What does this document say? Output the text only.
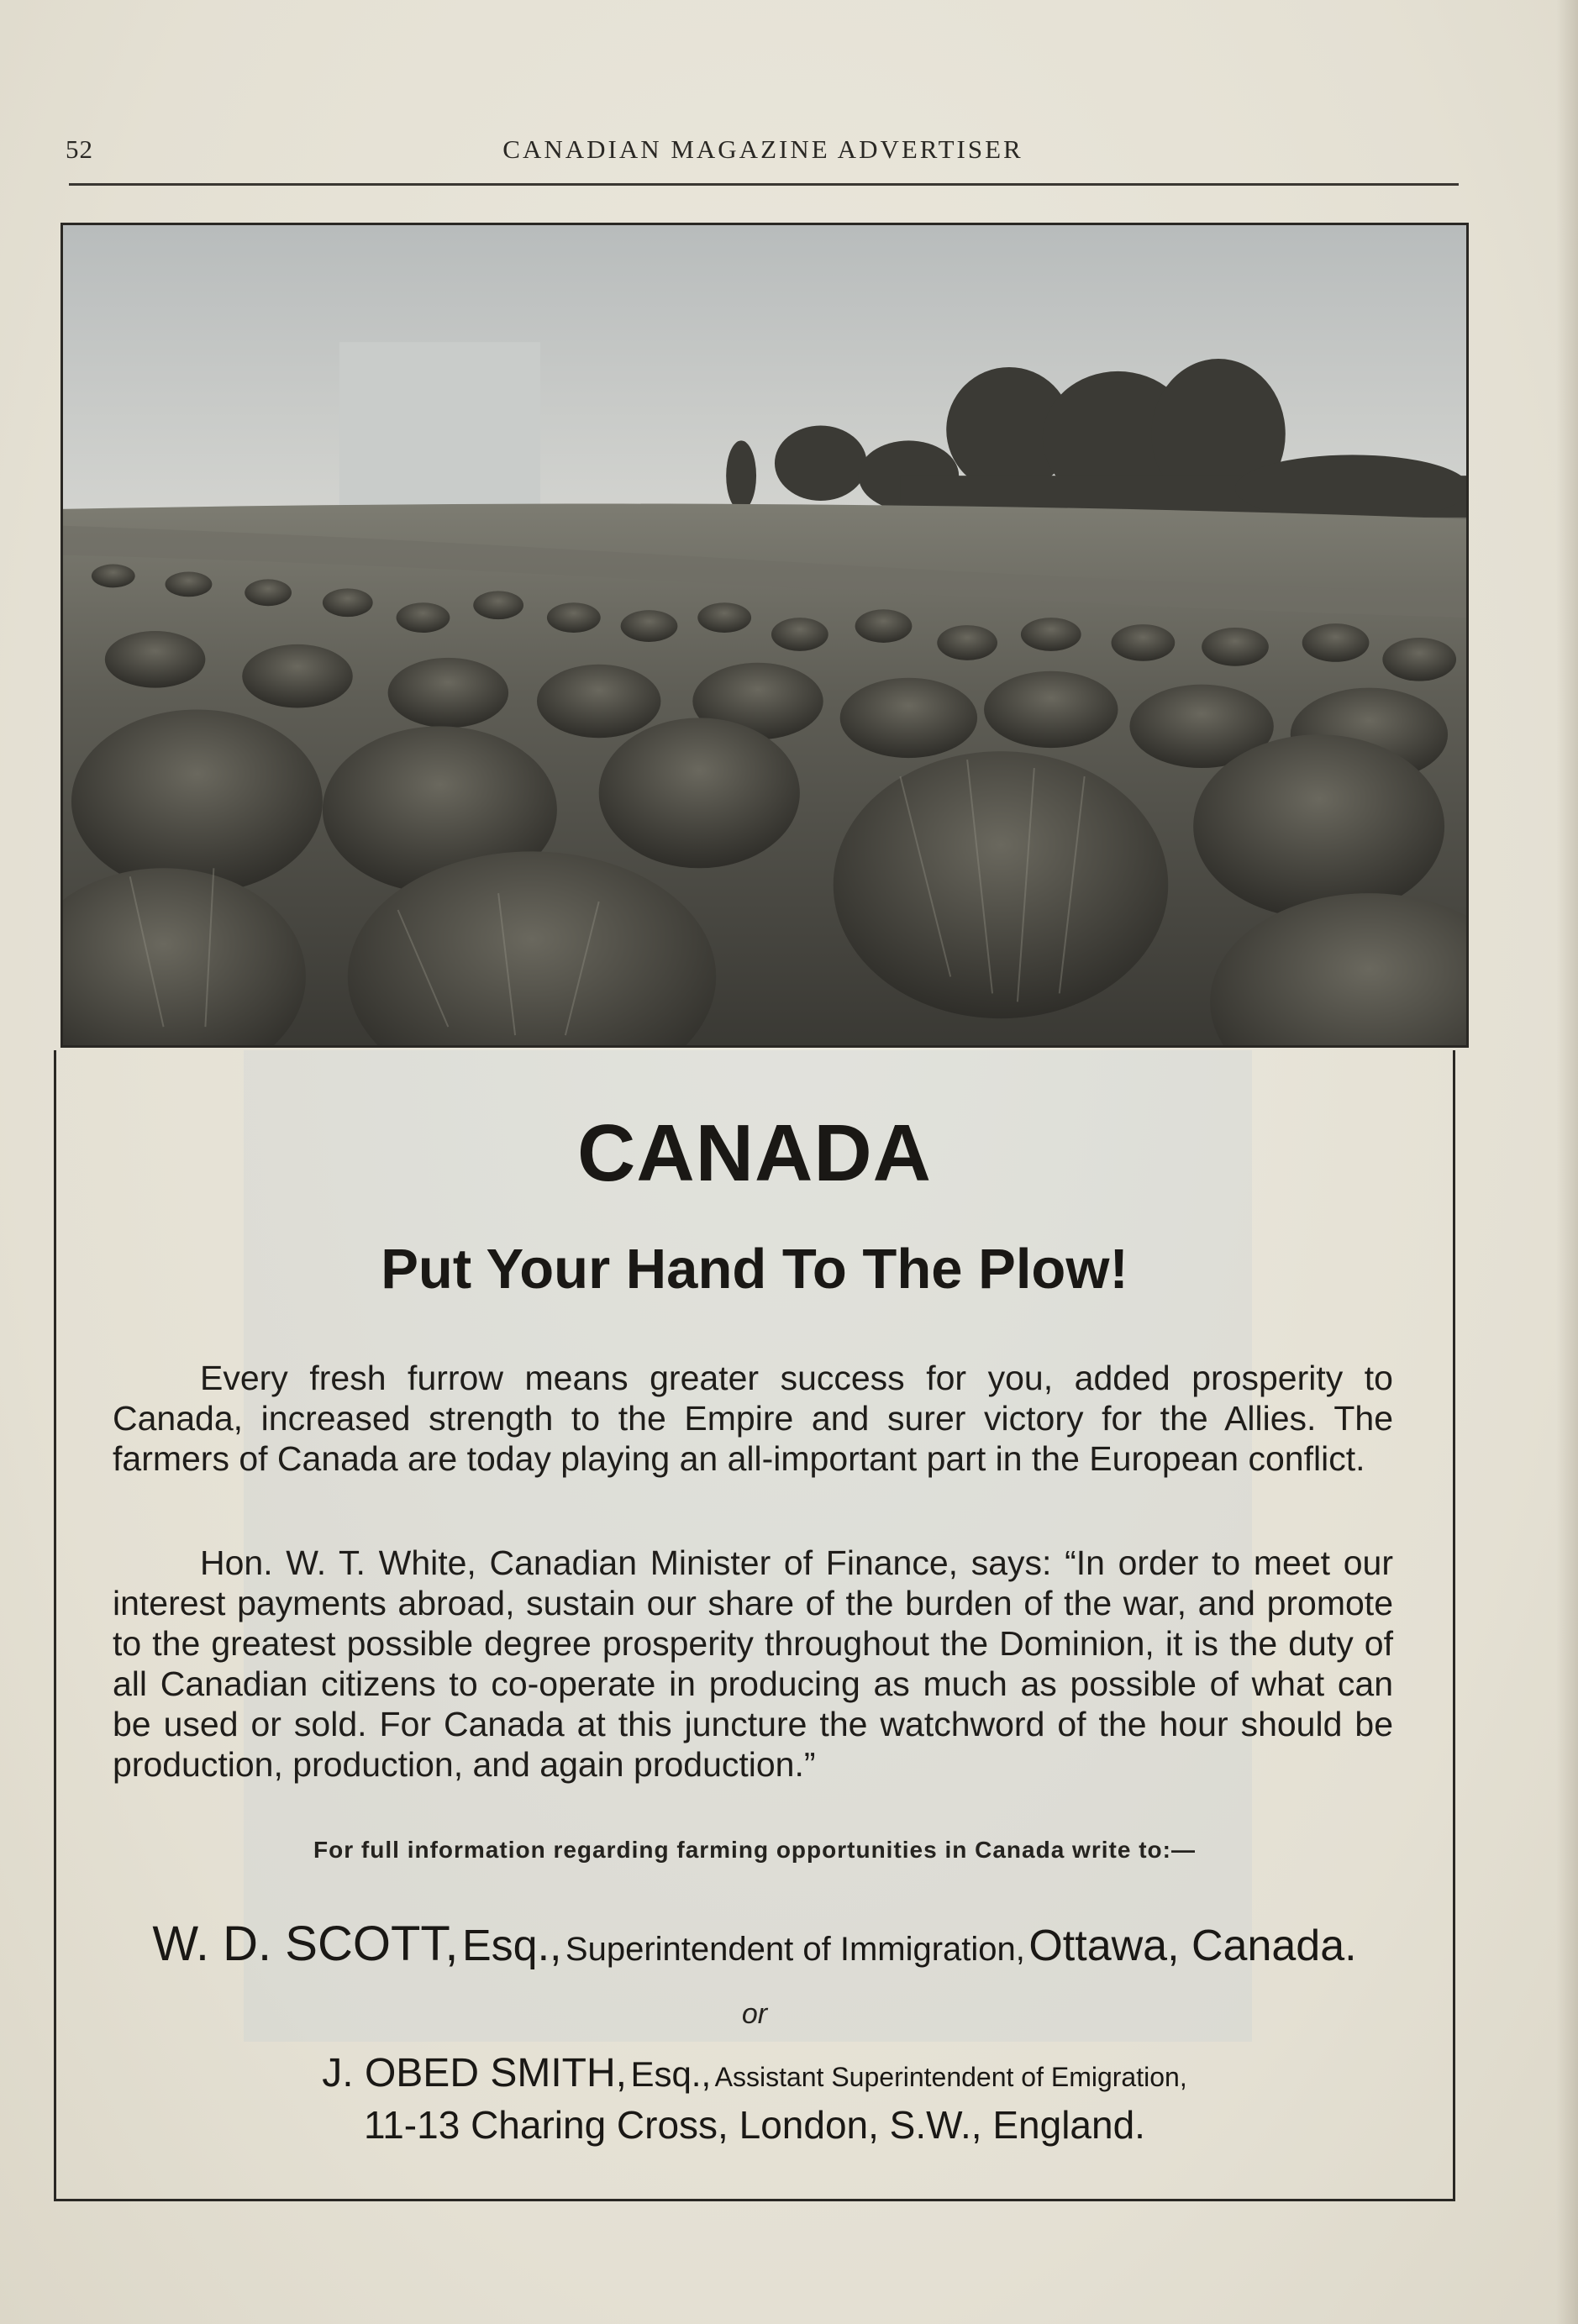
52	CANADIAN MAGAZINE ADVERTISER
CANADA
Put Your Hand To The Plow!
Every fresh furrow means greater success for you, added prosperity to Canada, increased strength to the Empire and surer victory for the Allies. The farmers of Canada are today playing an all-important part in the European conflict.
Hon. W. T. White, Canadian Minister of Finance, says: “In order to meet our interest payments abroad, sustain our share of the burden of the war, and promote to the greatest possible degree prosperity throughout the Dominion, it is the duty of all Canadian citizens to co-operate in producing as much as possible of what can be used or sold. For Canada at this juncture the watchword of the hour should be production, production, and again production.”
For full information regarding farming opportunities in Canada write to:—
W. D. SCOTT, Esq., Superintendent of Immigration, Ottawa, Canada.
or
J. OBED SMITH, Esq., Assistant Superintendent of Emigration,
11-13 Charing Cross, London, S.W., England.
